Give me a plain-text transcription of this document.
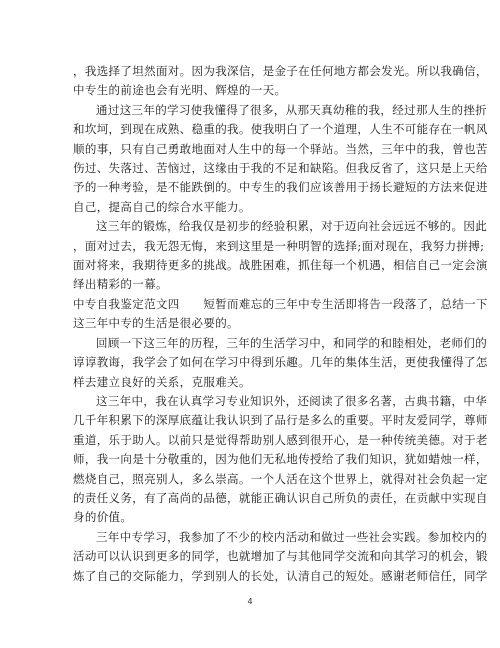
，我选择了坦然面对。因为我深信，是金子在任何地方都会发光。所以我确信，
中专生的前途也会有光明、辉煌的一天。
通过这三年的学习使我懂得了很多，从那天真幼稚的我，经过那人生的挫折
和坎坷，到现在成熟、稳重的我。使我明白了一个道理，人生不可能存在一帆风
顺的事，只有自己勇敢地面对人生中的每一个驿站。当然，三年中的我，曾也苦
伤过、失落过、苦恼过，这缘由于我的不足和缺陷。但我反省了，这只是上天给
予的一种考验，是不能跌倒的。中专生的我们应该善用于扬长避短的方法来促进
自己，提高自己的综合水平能力。
这三年的锻炼，给我仅是初步的经验积累，对于迈向社会远远不够的。因此
，面对过去，我无怨无悔，来到这里是一种明智的选择;面对现在，我努力拼搏;
面对将来，我期待更多的挑战。战胜困难，抓住每一个机遇，相信自己一定会演
绎出精彩的一幕。
中专自我鉴定范文四　　短暂而难忘的三年中专生活即将告一段落了，总结一下
这三年中专的生活是很必要的。
回顾一下这三年的历程，三年的生活学习中，和同学的和睦相处，老师们的
谆谆教诲，我学会了如何在学习中得到乐趣。几年的集体生活，更使我懂得了怎
样去建立良好的关系，克服难关。
这三年中，我在认真学习专业知识外，还阅读了很多名著，古典书籍，中华
几千年积累下的深厚底蕴让我认识到了品行是多么的重要。平时友爱同学，尊师
重道，乐于助人。以前只是觉得帮助别人感到很开心，是一种传统美德。对于老
师，我一向是十分敬重的，因为他们无私地传授给了我们知识，犹如蜡烛一样，
燃烧自己，照亮别人，多么崇高。一个人活在这个世界上，就得对社会负起一定
的责任义务，有了高尚的品德，就能正确认识自己所负的责任，在贡献中实现自
身的价值。
三年中专学习，我参加了不少的校内活动和做过一些社会实践。参加校内的
活动可以认识到更多的同学，也就增加了与其他同学交流和向其学习的机会，锻
炼了自己的交际能力，学到别人的长处，认清自己的短处。感谢老师信任，同学
4
